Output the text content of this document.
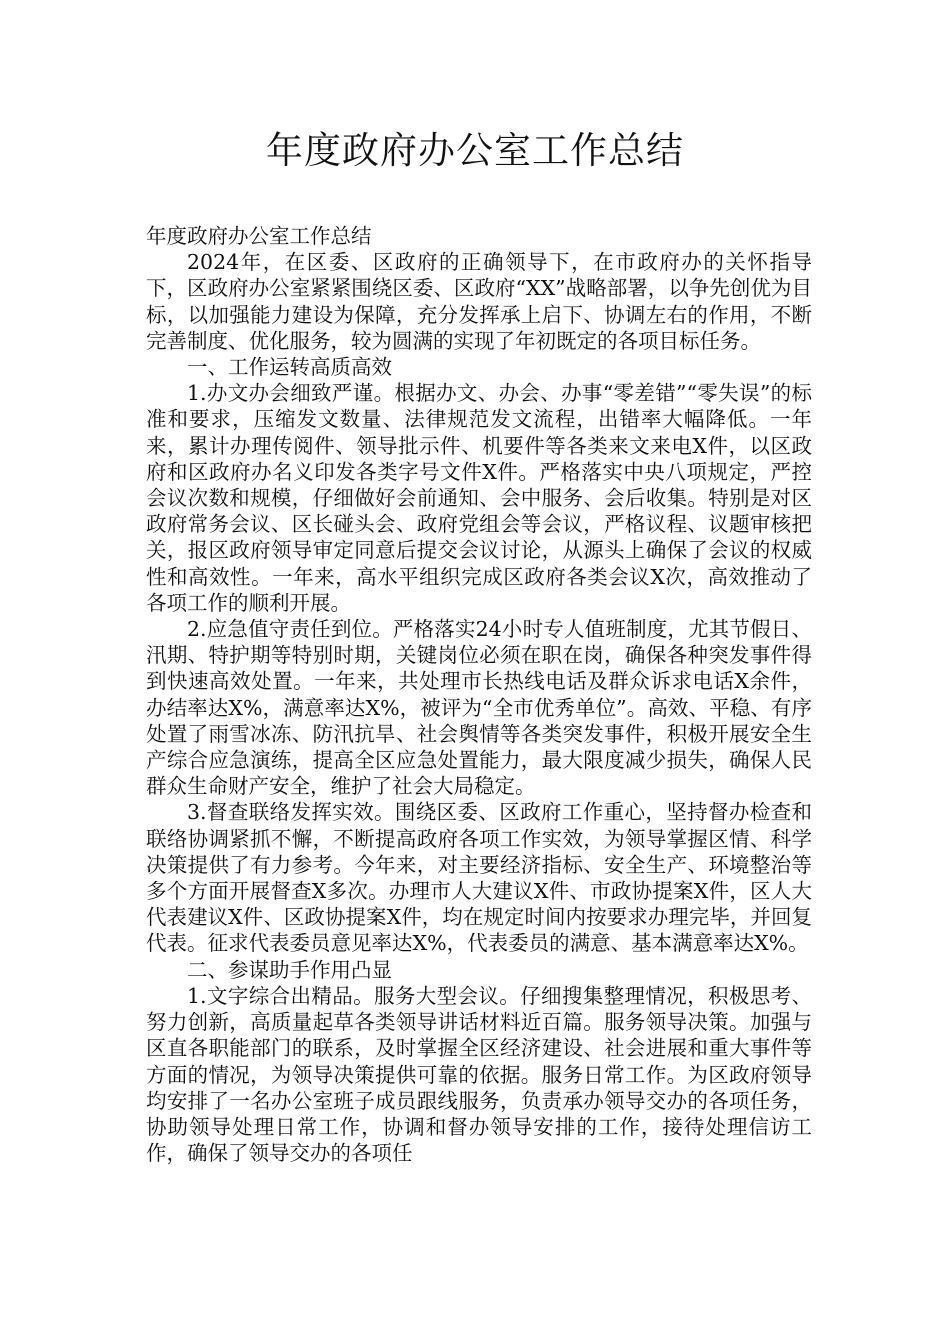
年度政府办公室工作总结

年度政府办公室工作总结

2024年，在区委、区政府的正确领导下，在市政府办的关怀指导下，区政府办公室紧紧围绕区委、区政府“XX”战略部署，以争先创优为目标，以加强能力建设为保障，充分发挥承上启下、协调左右的作用，不断完善制度、优化服务，较为圆满的实现了年初既定的各项目标任务。

一、工作运转高质高效

1.办文办会细致严谨。根据办文、办会、办事“零差错”“零失误”的标准和要求，压缩发文数量、法律规范发文流程，出错率大幅降低。一年来，累计办理传阅件、领导批示件、机要件等各类来文来电X件，以区政府和区政府办名义印发各类字号文件X件。严格落实中央八项规定，严控会议次数和规模，仔细做好会前通知、会中服务、会后收集。特别是对区政府常务会议、区长碰头会、政府党组会等会议，严格议程、议题审核把关，报区政府领导审定同意后提交会议讨论，从源头上确保了会议的权威性和高效性。一年来，高水平组织完成区政府各类会议X次，高效推动了各项工作的顺利开展。

2.应急值守责任到位。严格落实24小时专人值班制度，尤其节假日、汛期、特护期等特别时期，关键岗位必须在职在岗，确保各种突发事件得到快速高效处置。一年来，共处理市长热线电话及群众诉求电话X余件，办结率达X%，满意率达X%，被评为“全市优秀单位”。高效、平稳、有序处置了雨雪冰冻、防汛抗旱、社会舆情等各类突发事件，积极开展安全生产综合应急演练，提高全区应急处置能力，最大限度减少损失，确保人民群众生命财产安全，维护了社会大局稳定。

3.督查联络发挥实效。围绕区委、区政府工作重心，坚持督办检查和联络协调紧抓不懈，不断提高政府各项工作实效，为领导掌握区情、科学决策提供了有力参考。今年来，对主要经济指标、安全生产、环境整治等多个方面开展督查X多次。办理市人大建议X件、市政协提案X件，区人大代表建议X件、区政协提案X件，均在规定时间内按要求办理完毕，并回复代表。征求代表委员意见率达X%，代表委员的满意、基本满意率达X%。

二、参谋助手作用凸显

1.文字综合出精品。服务大型会议。仔细搜集整理情况，积极思考、努力创新，高质量起草各类领导讲话材料近百篇。服务领导决策。加强与区直各职能部门的联系，及时掌握全区经济建设、社会进展和重大事件等方面的情况，为领导决策提供可靠的依据。服务日常工作。为区政府领导均安排了一名办公室班子成员跟线服务，负责承办领导交办的各项任务，协助领导处理日常工作，协调和督办领导安排的工作，接待处理信访工作，确保了领导交办的各项任
